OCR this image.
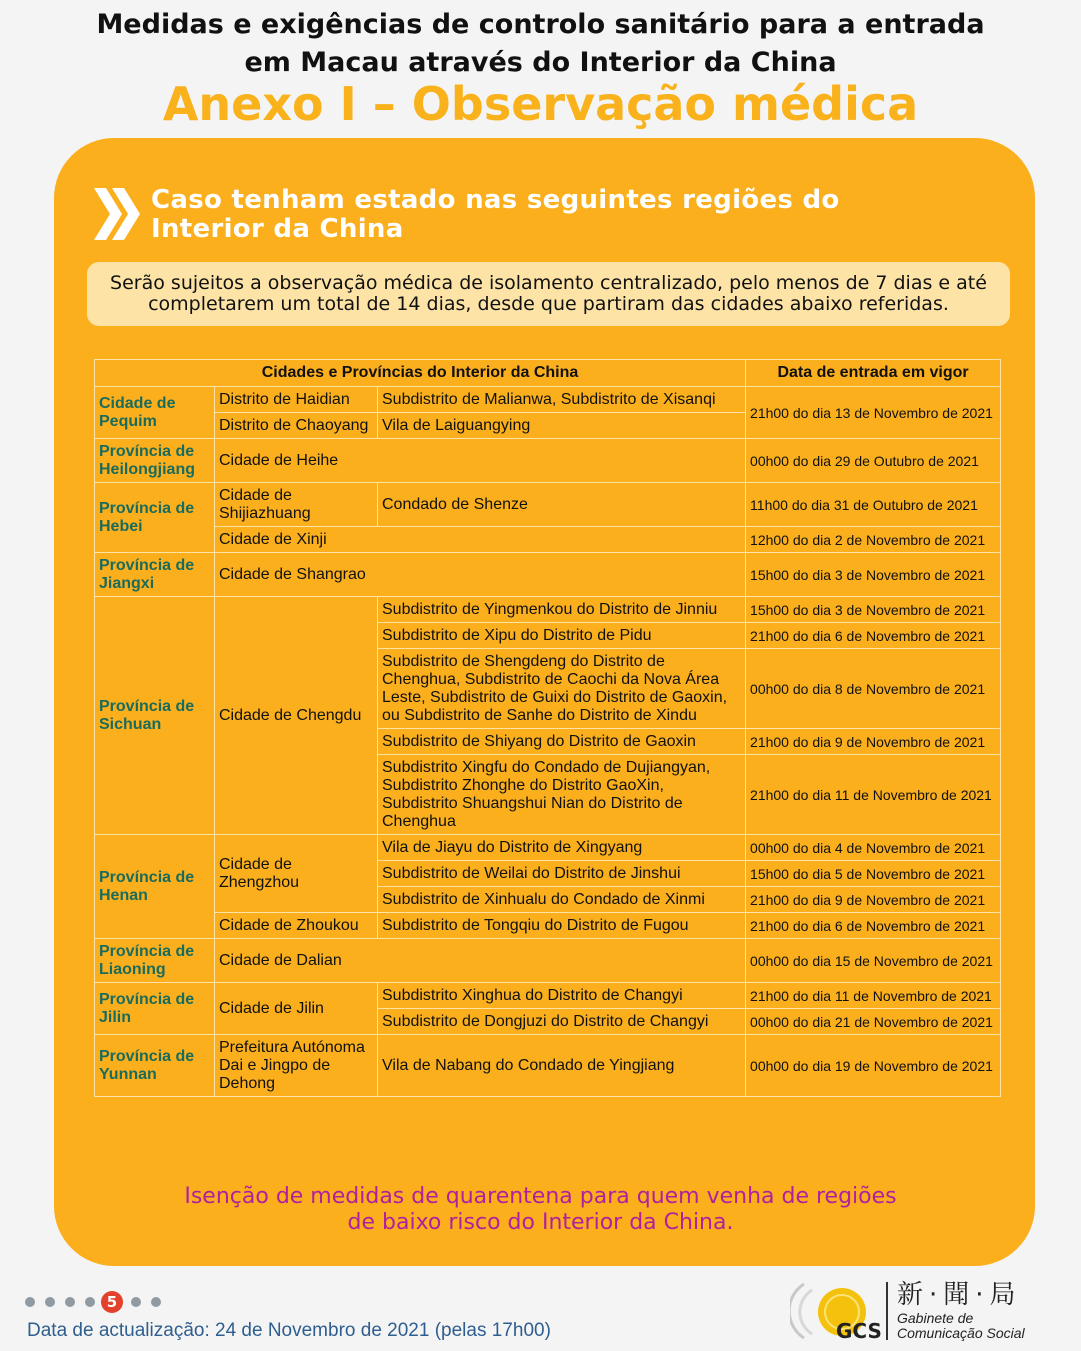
Medidas e exigências de controlo sanitário para a entrada
em Macau através do Interior da China
Anexo I – Observação médica
Caso tenham estado nas seguintes regiões do
Interior da China
Serão sujeitos a observação médica de isolamento centralizado, pelo menos de 7 dias e até completarem um total de 14 dias, desde que partiram das cidades abaixo referidas.
Cidades e Províncias do Interior da China			Data de entrada em vigor
Cidade de Pequim	Distrito de Haidian	Subdistrito de Malianwa, Subdistrito de Xisanqi	21h00 do dia 13 de Novembro de 2021
	Distrito de Chaoyang	Vila de Laiguangying	
Província de Heilongjiang	Cidade de Heihe		00h00 do dia 29 de Outubro de 2021
Província de Hebei	Cidade de Shijiazhuang	Condado de Shenze	11h00 do dia 31 de Outubro de 2021
	Cidade de Xinji		12h00 do dia 2 de Novembro de 2021
Província de Jiangxi	Cidade de Shangrao		15h00 do dia 3 de Novembro de 2021
Província de Sichuan	Cidade de Chengdu	Subdistrito de Yingmenkou do Distrito de Jinniu	15h00 do dia 3 de Novembro de 2021
		Subdistrito de Xipu do Distrito de Pidu	21h00 do dia 6 de Novembro de 2021
		Subdistrito de Shengdeng do Distrito de Chenghua, Subdistrito de Caochi da Nova Área Leste, Subdistrito de Guixi do Distrito de Gaoxin, ou Subdistrito de Sanhe do Distrito de Xindu	00h00 do dia 8 de Novembro de 2021
		Subdistrito de Shiyang do Distrito de Gaoxin	21h00 do dia 9 de Novembro de 2021
		Subdistrito Xingfu do Condado de Dujiangyan, Subdistrito Zhonghe do Distrito GaoXin, Subdistrito Shuangshui Nian do Distrito de Chenghua	21h00 do dia 11 de Novembro de 2021
Província de Henan	Cidade de Zhengzhou	Vila de Jiayu do Distrito de Xingyang	00h00 do dia 4 de Novembro de 2021
		Subdistrito de Weilai do Distrito de Jinshui	15h00 do dia 5 de Novembro de 2021
		Subdistrito de Xinhualu do Condado de Xinmi	21h00 do dia 9 de Novembro de 2021
	Cidade de Zhoukou	Subdistrito de Tongqiu do Distrito de Fugou	21h00 do dia 6 de Novembro de 2021
Província de Liaoning	Cidade de Dalian		00h00 do dia 15 de Novembro de 2021
Província de Jilin	Cidade de Jilin	Subdistrito Xinghua do Distrito de Changyi	21h00 do dia 11 de Novembro de 2021
		Subdistrito de Dongjuzi do Distrito de Changyi	00h00 do dia 21 de Novembro de 2021
Província de Yunnan	Prefeitura Autónoma Dai e Jingpo de Dehong	Vila de Nabang do Condado de Yingjiang	00h00 do dia 19 de Novembro de 2021
Isenção de medidas de quarentena para quem venha de regiões
de baixo risco do Interior da China.
5
Data de actualização: 24 de Novembro de 2021 (pelas 17h00)	GCS
新·聞·局
Gabinete de
Comunicação Social
